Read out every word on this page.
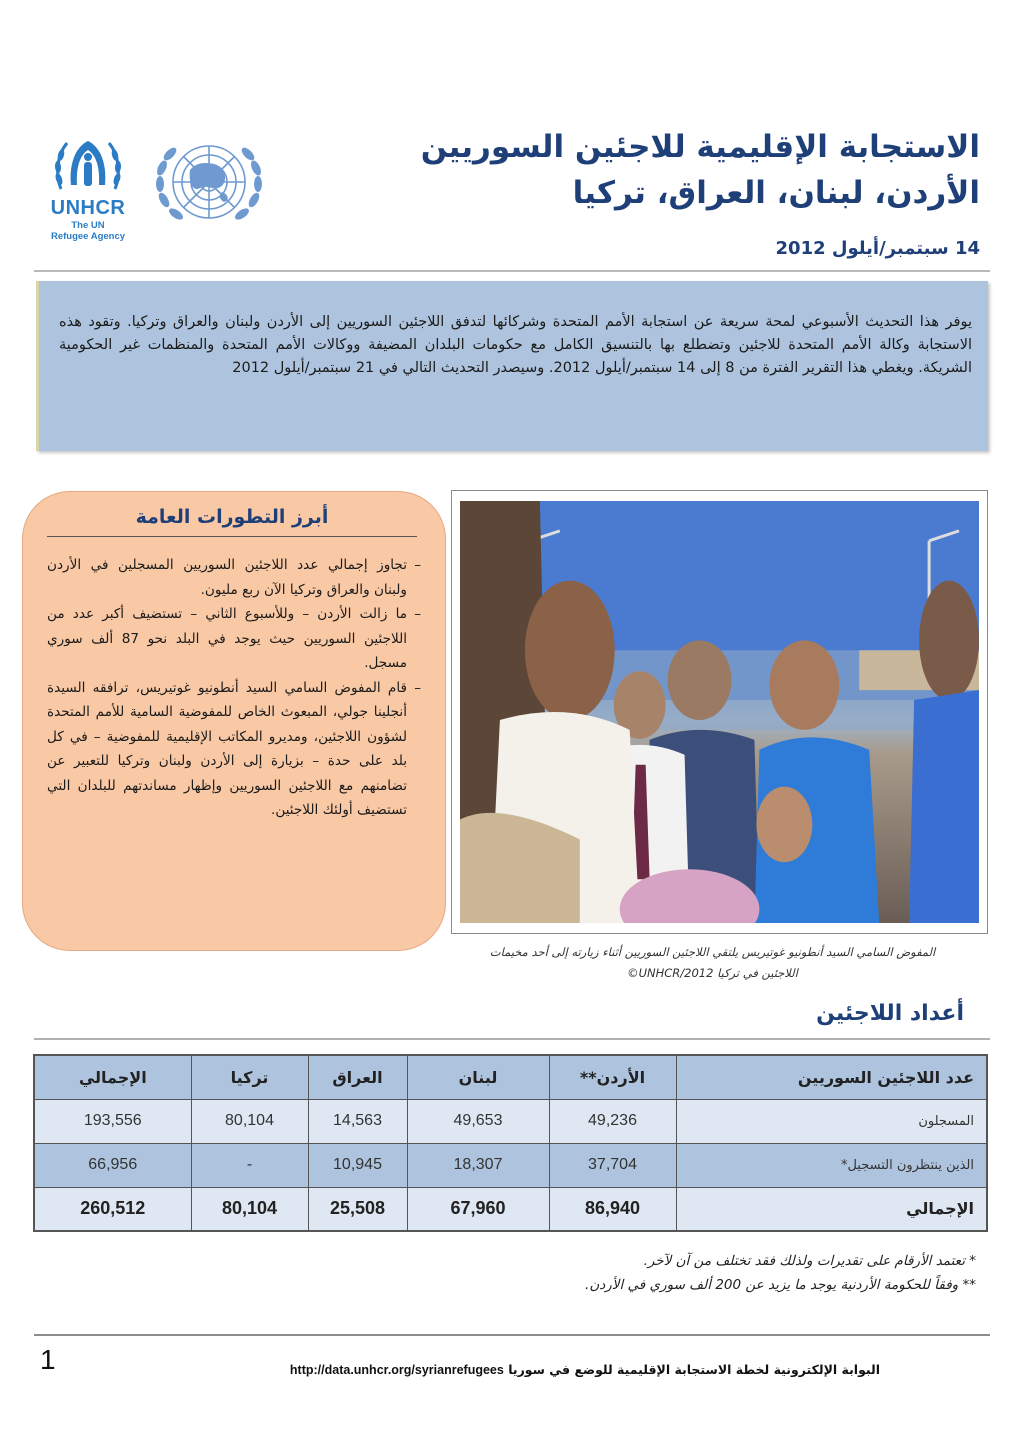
UNHCR
The UN
Refugee Agency
الاستجابة الإقليمية للاجئين السوريين
الأردن، لبنان، العراق، تركيا
14 سبتمبر/أيلول 2012

يوفر هذا التحديث الأسبوعي لمحة سريعة عن استجابة الأمم المتحدة وشركائها لتدفق اللاجئين السوريين إلى الأردن ولبنان والعراق وتركيا. وتقود هذه الاستجابة وكالة الأمم المتحدة للاجئين وتضطلع بها بالتنسيق الكامل مع حكومات البلدان المضيفة ووكالات الأمم المتحدة والمنظمات غير الحكومية الشريكة. ويغطي هذا التقرير الفترة من 8 إلى 14 سبتمبر/أيلول 2012. وسيصدر التحديث التالي في 21 سبتمبر/أيلول 2012

أبرز التطورات العامة
–
تجاوز إجمالي عدد اللاجئين السوريين المسجلين في الأردن ولبنان والعراق وتركيا الآن ربع مليون.
–
ما زالت الأردن – وللأسبوع الثاني – تستضيف أكبر عدد من اللاجئين السوريين حيث يوجد في البلد نحو 87 ألف سوري مسجل.
–
قام المفوض السامي السيد أنطونيو غوتيريس، ترافقه السيدة أنجلينا جولي، المبعوث الخاص للمفوضية السامية للأمم المتحدة لشؤون اللاجئين، ومديرو المكاتب الإقليمية للمفوضية – في كل بلد على حدة – بزيارة إلى الأردن ولبنان وتركيا للتعبير عن تضامنهم مع اللاجئين السوريين وإظهار مساندتهم للبلدان التي تستضيف أولئك اللاجئين.
المفوض السامي السيد أنطونيو غوتيريس يلتقي اللاجئين السوريين أثناء زيارته إلى أحد مخيمات
اللاجئين في تركيا UNHCR/2012©
أعداد اللاجئين
عدد اللاجئين السوريين	الأردن**	لبنان	العراق	تركيا	الإجمالي
المسجلون	49,236	49,653	14,563	80,104	193,556
الذين ينتظرون التسجيل*	37,704	18,307	10,945	-	66,956
الإجمالي	86,940	67,960	25,508	80,104	260,512
* تعتمد الأرقام على تقديرات ولذلك فقد تختلف من آن لآخر.
** وفقاً للحكومة الأردنية يوجد ما يزيد عن 200 ألف سوري في الأردن.
1	البوابة الإلكترونية لخطة الاستجابة الإقليمية للوضع في سوريا http://data.unhcr.org/syrianrefugees
